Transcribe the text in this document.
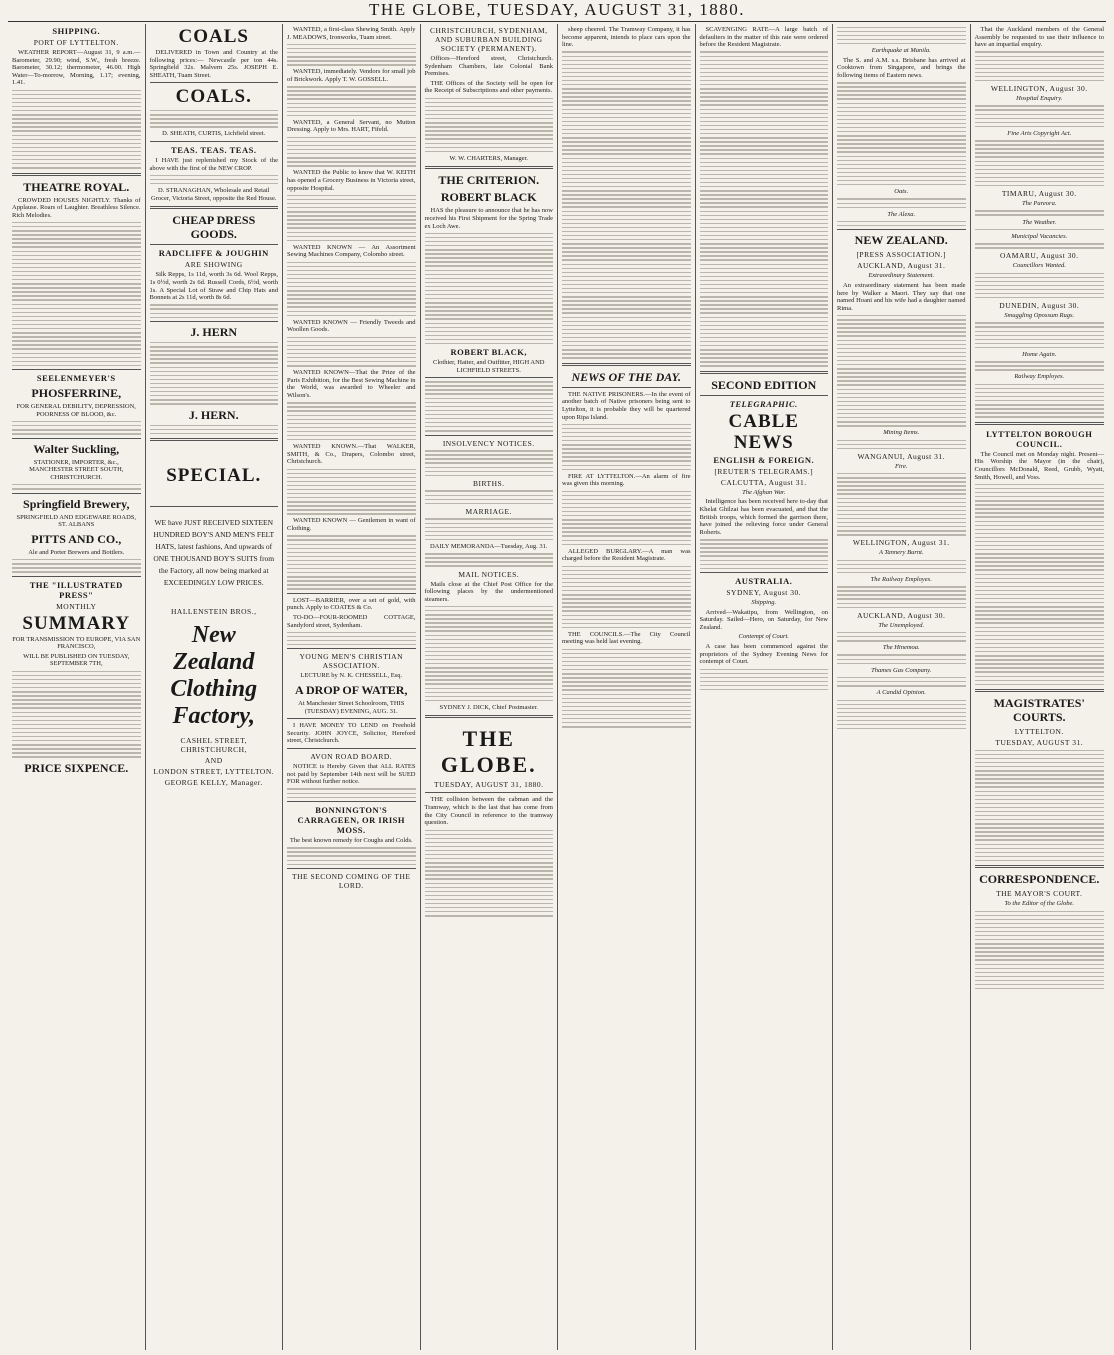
THE GLOBE, TUESDAY, AUGUST 31, 1880.
SHIPPING.
PORT OF LYTTELTON.
WEATHER REPORT—August 31, 9 a.m.—Barometer, 29.90; wind, S.W., fresh breeze. Barometer, 30.12; thermometer, 46.00. High Water—To-morrow, Morning, 1.17; evening, 1.41.
THEATRE ROYAL.
CROWDED HOUSES NIGHTLY. Thanks of Applause. Roars of Laughter. Breathless Silence. Rich Melodies.
SEELENMEYER'S
PHOSFERRINE,
FOR GENERAL DEBILITY, DEPRESSION, POORNESS OF BLOOD, &c.
Walter Suckling,
STATIONER, IMPORTER, &c., MANCHESTER STREET SOUTH, CHRISTCHURCH.
Springfield Brewery,
SPRINGFIELD AND EDGEWARE ROADS, ST. ALBANS
PITTS AND CO.,
Ale and Porter Brewers and Bottlers.
THE "ILLUSTRATED PRESS"
MONTHLY
SUMMARY
FOR TRANSMISSION TO EUROPE, VIA SAN FRANCISCO,
WILL BE PUBLISHED ON TUESDAY, SEPTEMBER 7TH,
PRICE SIXPENCE.
COALS
DELIVERED in Town and Country at the following prices:— Newcastle per ton 44s. Springfield 32s. Malvern 25s. JOSEPH E. SHEATH, Tuam Street.
COALS.
D. SHEATH, CURTIS, Lichfield street.
TEAS. TEAS. TEAS.
I HAVE just replenished my Stock of the above with the first of the NEW CROP.
D. STRANAGHAN, Wholesale and Retail Grocer, Victoria Street, opposite the Red House.
CHEAP DRESS GOODS.
RADCLIFFE & JOUGHIN
ARE SHOWING
Silk Repps, 1s 11d, worth 3s 6d. Wool Repps, 1s 0½d, worth 2s 6d. Russell Cords, 6½d, worth 1s. A Special Lot of Straw and Chip Hats and Bonnets at 2s 11d, worth 8s 6d.
J. HERN
J. HERN.
SPECIAL.
WE have JUST RECEIVED SIXTEEN HUNDRED BOY'S AND MEN'S FELT HATS, latest fashions, And upwards of ONE THOUSAND BOY'S SUITS from the Factory, all now being marked at EXCEEDINGLY LOW PRICES.
HALLENSTEIN BROS.,
New Zealand Clothing Factory,
CASHEL STREET, CHRISTCHURCH,
AND
LONDON STREET, LYTTELTON.
GEORGE KELLY, Manager.
WANTED, a first-class Shewing Smith. Apply J. MEADOWS, Ironworks, Tuam street.
WANTED, immediately. Vendors for small job of Brickwork. Apply T. W. GOSSELL.
WANTED, a General Servant, no Mutton Dressing. Apply to Mrs. HART, Fifeld.
WANTED the Public to know that W. KEITH has opened a Grocery Business in Victoria street, opposite Hospital.
WANTED KNOWN — An Assortment Sewing Machines Company, Colombo street.
WANTED KNOWN — Friendly Tweeds and Woollen Goods.
WANTED KNOWN—That the Prize of the Paris Exhibition, for the Best Sewing Machine in the World, was awarded to Wheeler and Wilson's.
WANTED KNOWN.—That WALKER, SMITH, & Co., Drapers, Colombo street, Christchurch.
WANTED KNOWN — Gentlemen in want of Clothing.
LOST—BARRIER, over a set of gold, with punch. Apply to COATES & Co.
TO-DO—FOUR-ROOMED COTTAGE, Sandyford street, Sydenham.
YOUNG MEN'S CHRISTIAN ASSOCIATION.
LECTURE by N. K. CHESSELL, Esq.
A DROP OF WATER,
At Manchester Street Schoolroom, THIS (TUESDAY) EVENING, AUG. 31.
I HAVE MONEY TO LEND on Freehold Security. JOHN JOYCE, Solicitor, Hereford street, Christchurch.
AVON ROAD BOARD.
NOTICE is Hereby Given that ALL RATES not paid by September 14th next will be SUED FOR without further notice.
BONNINGTON'S CARRAGEEN, OR IRISH MOSS.
The best known remedy for Coughs and Colds.
THE SECOND COMING OF THE LORD.
CHRISTCHURCH, SYDENHAM, AND SUBURBAN BUILDING SOCIETY (PERMANENT).
Offices—Hereford street, Christchurch. Sydenham Chambers, late Colonial Bank Premises.
THE Offices of the Society will be open for the Receipt of Subscriptions and other payments.
W. W. CHARTERS, Manager.
THE CRITERION.
ROBERT BLACK
HAS the pleasure to announce that he has now received his First Shipment for the Spring Trade ex Loch Awe.
ROBERT BLACK,
Clothier, Hatter, and Outfitter, HIGH AND LICHFIELD STREETS.
INSOLVENCY NOTICES.
BIRTHS.
MARRIAGE.
DAILY MEMORANDA—Tuesday, Aug. 31.
MAIL NOTICES.
Mails close at the Chief Post Office for the following places by the undermentioned steamers.
SYDNEY J. DICK, Chief Postmaster.
THE GLOBE.
TUESDAY, AUGUST 31, 1880.
THE collision between the cabman and the Tramway, which is the last that has come from the City Council in reference to the tramway question.
sheep cheered. The Tramway Company, it has become apparent, intends to place cars upon the line.
NEWS OF THE DAY.
THE NATIVE PRISONERS.—In the event of another batch of Native prisoners being sent to Lyttelton, it is probable they will be quartered upon Ripa Island.
FIRE AT LYTTELTON.—An alarm of fire was given this morning.
ALLEGED BURGLARY.—A man was charged before the Resident Magistrate.
THE COUNCILS.—The City Council meeting was held last evening.
SCAVENGING RATE—A large batch of defaulters in the matter of this rate were ordered before the Resident Magistrate.
SECOND EDITION
TELEGRAPHIC.
CABLE NEWS
ENGLISH & FOREIGN.
[REUTER'S TELEGRAMS.]
CALCUTTA, August 31.
The Afghan War.
Intelligence has been received here to-day that Khelat Ghilzai has been evacuated, and that the British troops, which formed the garrison there, have joined the relieving force under General Roberts.
AUSTRALIA.
SYDNEY, August 30.
Shipping.
Arrived—Wakatipu, from Wellington, on Saturday. Sailed—Hero, on Saturday, for New Zealand.
Contempt of Court.
A case has been commenced against the proprietors of the Sydney Evening News for contempt of Court.
Earthquake at Manila.
The S. and A.M. s.s. Brisbane has arrived at Cooktown from Singapore, and brings the following items of Eastern news.
Oats.
The Alexa.
NEW ZEALAND.
[PRESS ASSOCIATION.]
AUCKLAND, August 31.
Extraordinary Statement.
An extraordinary statement has been made here by Walker a Maori. They say that one named Hoani and his wife had a daughter named Rima.
Mining Items.
WANGANUI, August 31.
Fire.
WELLINGTON, August 31.
A Tannery Burnt.
The Railway Employes.
AUCKLAND, August 30.
The Unemployed.
The Hinemoa.
Thames Gas Company.
A Candid Opinion.
That the Auckland members of the General Assembly be requested to use their influence to have an impartial enquiry.
WELLINGTON, August 30.
Hospital Enquiry.
Fine Arts Copyright Act.
TIMARU, August 30.
The Pareora.
The Weather.
Municipal Vacancies.
OAMARU, August 30.
Councillors Wanted.
DUNEDIN, August 30.
Smuggling Opossum Rugs.
Home Again.
Railway Employes.
LYTTELTON BOROUGH COUNCIL.
The Council met on Monday night. Present—His Worship the Mayor (in the chair), Councillors McDonald, Reed, Grubb, Wyatt, Smith, Howell, and Voss.
MAGISTRATES' COURTS.
LYTTELTON.
TUESDAY, AUGUST 31.
CORRESPONDENCE.
THE MAYOR'S COURT.
To the Editor of the Globe.
